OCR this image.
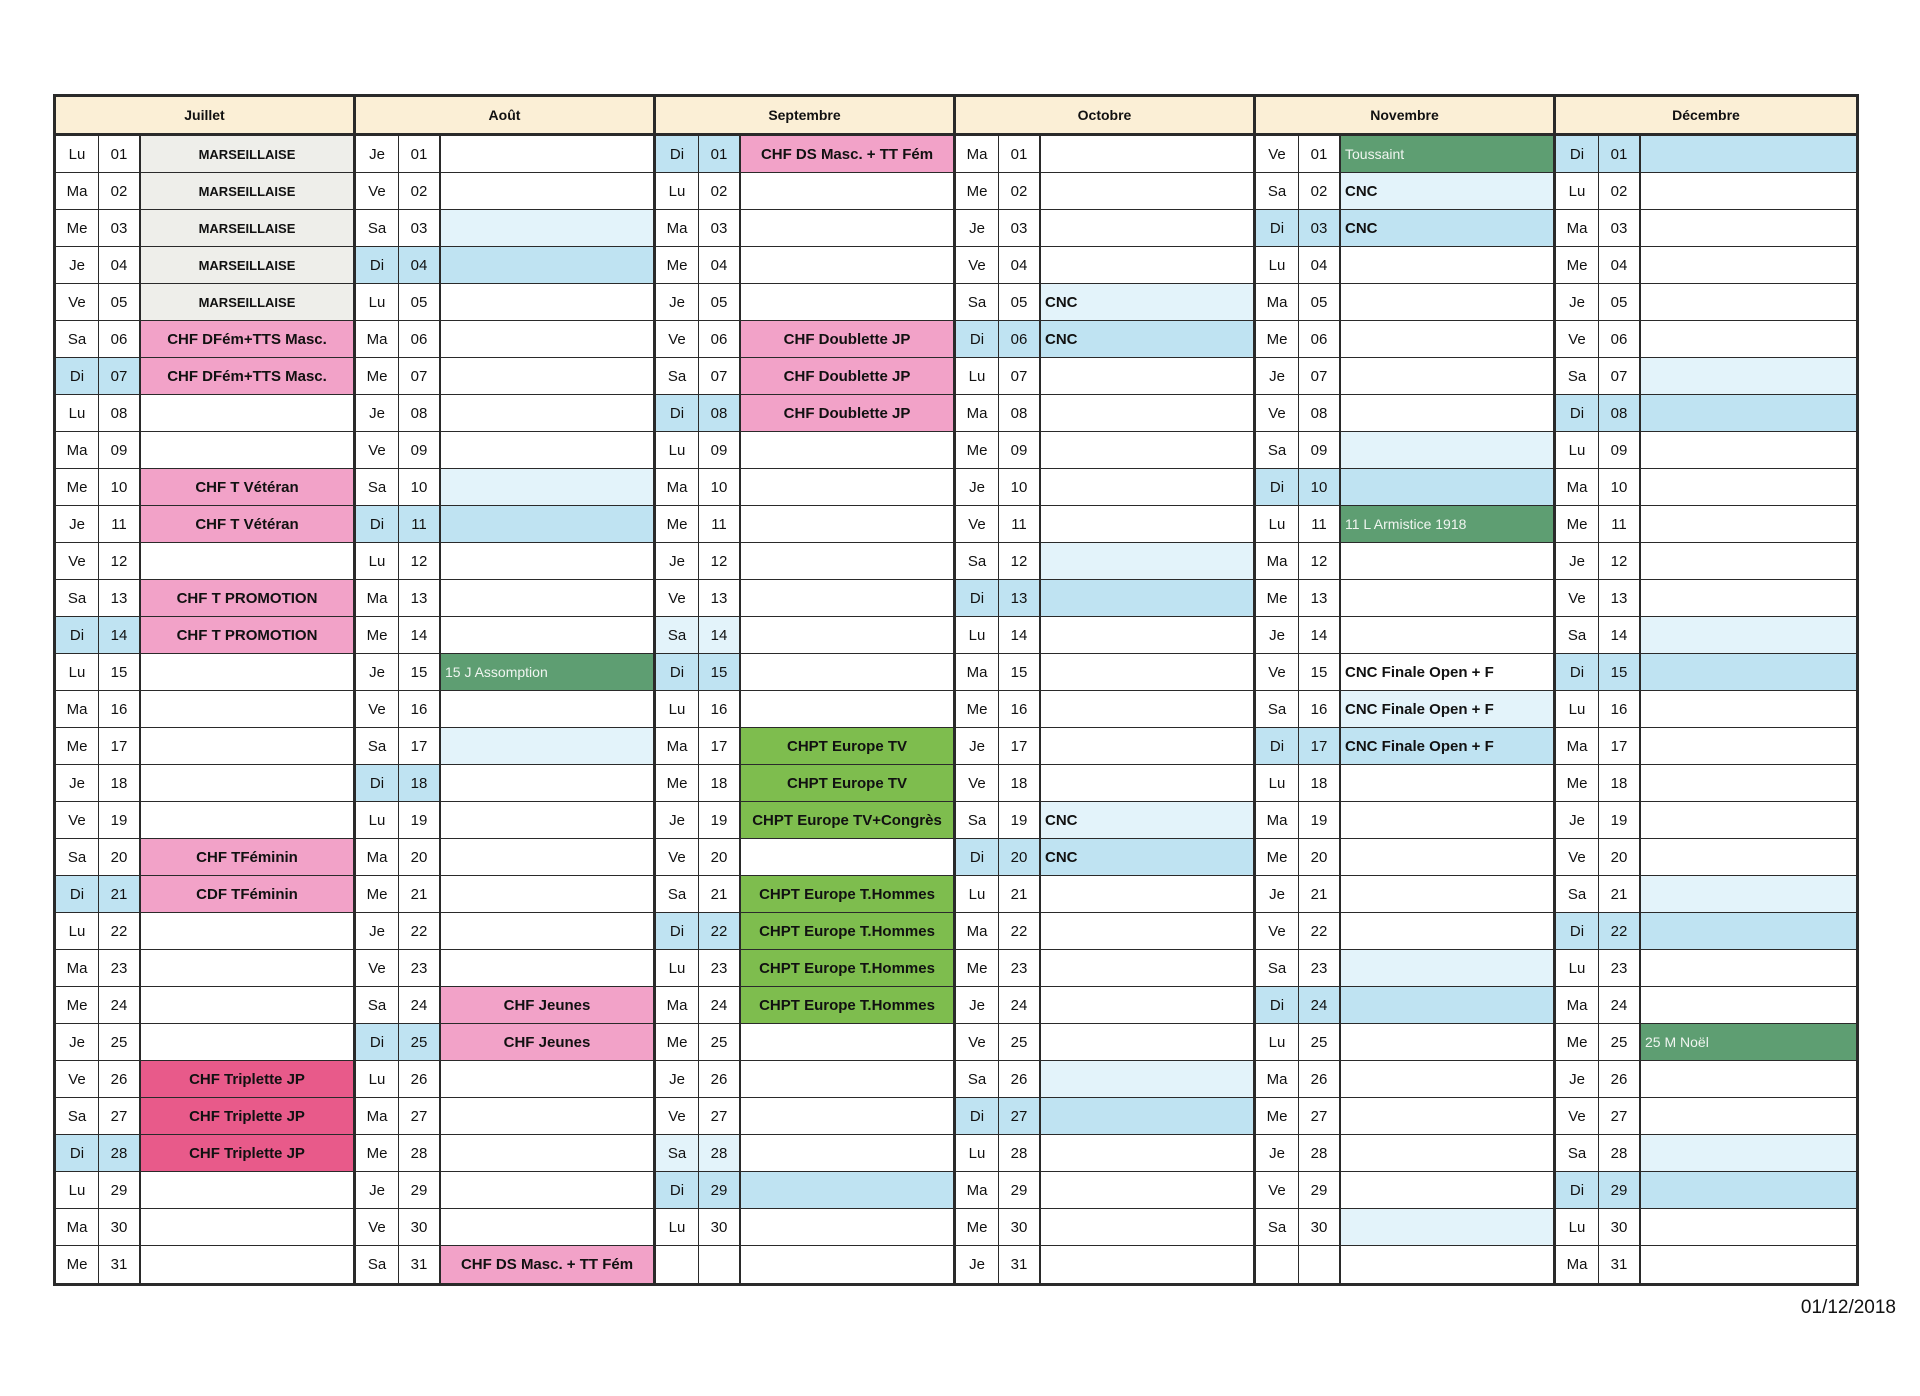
Juillet
Lu	01	MARSEILLAISE
Ma	02	MARSEILLAISE
Me	03	MARSEILLAISE
Je	04	MARSEILLAISE
Ve	05	MARSEILLAISE
Sa	06	CHF DFém+TTS Masc.
Di	07	CHF DFém+TTS Masc.
Lu	08
Ma	09
Me	10	CHF T Vétéran
Je	11	CHF T Vétéran
Ve	12
Sa	13	CHF T PROMOTION
Di	14	CHF T PROMOTION
Lu	15
Ma	16
Me	17
Je	18
Ve	19
Sa	20	CHF TFéminin
Di	21	CDF TFéminin
Lu	22
Ma	23
Me	24
Je	25
Ve	26	CHF Triplette JP
Sa	27	CHF Triplette JP
Di	28	CHF Triplette JP
Lu	29
Ma	30
Me	31
Août
Je	01
Ve	02
Sa	03
Di	04
Lu	05
Ma	06
Me	07
Je	08
Ve	09
Sa	10
Di	11
Lu	12
Ma	13
Me	14
Je	15	15 J Assomption
Ve	16
Sa	17
Di	18
Lu	19
Ma	20
Me	21
Je	22
Ve	23
Sa	24	CHF Jeunes
Di	25	CHF Jeunes
Lu	26
Ma	27
Me	28
Je	29
Ve	30
Sa	31	CHF DS Masc. + TT Fém
Septembre
Di	01	CHF DS Masc. + TT Fém
Lu	02
Ma	03
Me	04
Je	05
Ve	06	CHF Doublette JP
Sa	07	CHF Doublette JP
Di	08	CHF Doublette JP
Lu	09
Ma	10
Me	11
Je	12
Ve	13
Sa	14
Di	15
Lu	16
Ma	17	CHPT Europe TV
Me	18	CHPT Europe TV
Je	19	CHPT Europe TV+Congrès
Ve	20
Sa	21	CHPT Europe T.Hommes
Di	22	CHPT Europe T.Hommes
Lu	23	CHPT Europe T.Hommes
Ma	24	CHPT Europe T.Hommes
Me	25
Je	26
Ve	27
Sa	28
Di	29
Lu	30
Octobre
Ma	01
Me	02
Je	03
Ve	04
Sa	05	CNC
Di	06	CNC
Lu	07
Ma	08
Me	09
Je	10
Ve	11
Sa	12
Di	13
Lu	14
Ma	15
Me	16
Je	17
Ve	18
Sa	19	CNC
Di	20	CNC
Lu	21
Ma	22
Me	23
Je	24
Ve	25
Sa	26
Di	27
Lu	28
Ma	29
Me	30
Je	31
Novembre
Ve	01	Toussaint
Sa	02	CNC
Di	03	CNC
Lu	04
Ma	05
Me	06
Je	07
Ve	08
Sa	09
Di	10
Lu	11	11 L Armistice 1918
Ma	12
Me	13
Je	14
Ve	15	CNC Finale Open + F
Sa	16	CNC Finale Open + F
Di	17	CNC Finale Open + F
Lu	18
Ma	19
Me	20
Je	21
Ve	22
Sa	23
Di	24
Lu	25
Ma	26
Me	27
Je	28
Ve	29
Sa	30
Décembre
Di	01
Lu	02
Ma	03
Me	04
Je	05
Ve	06
Sa	07
Di	08
Lu	09
Ma	10
Me	11
Je	12
Ve	13
Sa	14
Di	15
Lu	16
Ma	17
Me	18
Je	19
Ve	20
Sa	21
Di	22
Lu	23
Ma	24
Me	25	25 M Noël
Je	26
Ve	27
Sa	28
Di	29
Lu	30
Ma	31
01/12/2018
